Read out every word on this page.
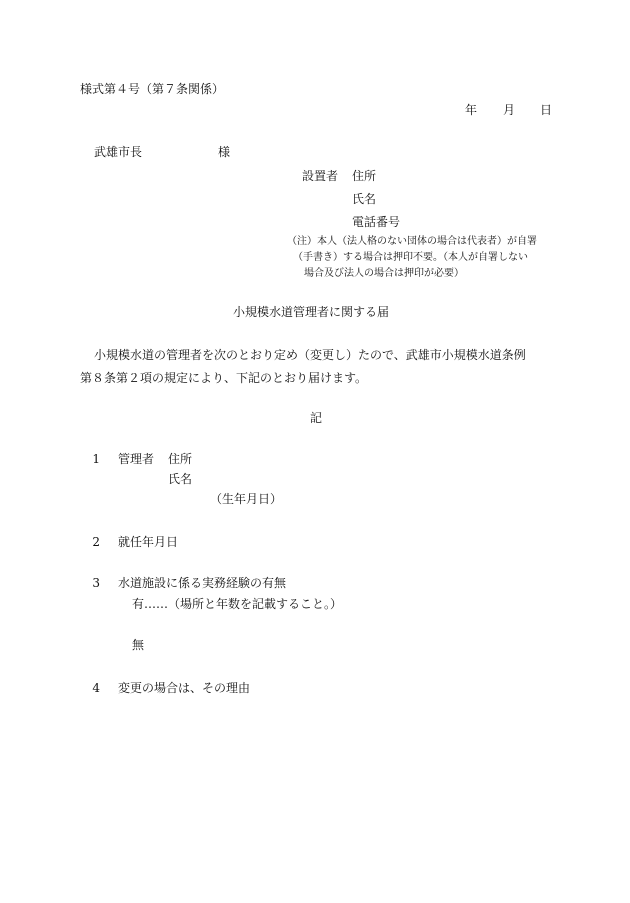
様式第４号（第７条関係）
年 月 日
武雄市長	様
設置者 住所
氏名
電話番号
（注）本人（法人格のない団体の場合は代表者）が自署
（手書き）する場合は押印不要。（本人が自署しない
場合及び法人の場合は押印が必要）
小規模水道管理者に関する届
小規模水道の管理者を次のとおり定め（変更し）たので、武雄市小規模水道条例
第８条第２項の規定により、下記のとおり届けます。
記
1 管理者 住所
氏名
（生年月日）
2 就任年月日
3 水道施設に係る実務経験の有無
有……（場所と年数を記載すること。）
無
4 変更の場合は、その理由
